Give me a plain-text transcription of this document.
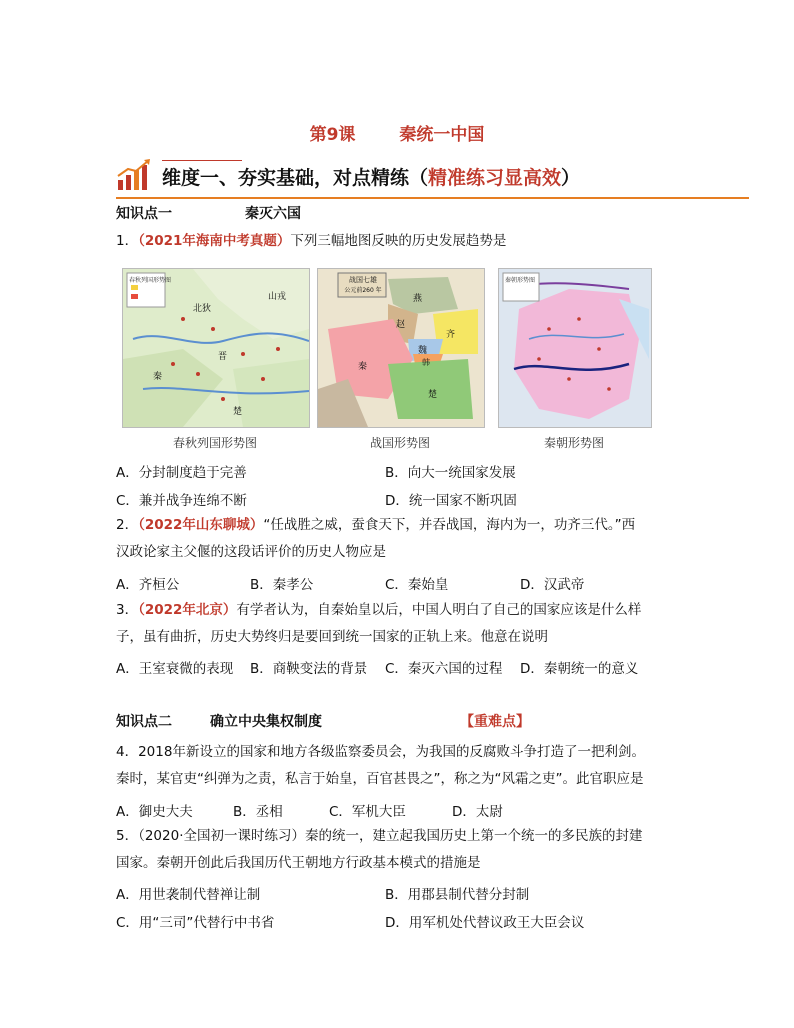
第9课	秦统一中国
维度一、夯实基础，对点精练（精准练习显高效）
知识点一	秦灭六国
1．（2021年海南中考真题）下列三幅地图反映的历史发展趋势是
春秋列国形势图
北狄
山戎
晋
秦
楚
春秋列国形势图
战国七雄
公元前260 年
燕
赵
齐
魏
韩
秦
楚
战国形势图
秦朝形势图
秦朝形势图
A．分封制度趋于完善	B．向大一统国家发展
C．兼并战争连绵不断	D．统一国家不断巩固
2．（2022年山东聊城）“任战胜之威，蚕食天下，并吞战国，海内为一，功齐三代。”西
汉政论家主父偃的这段话评价的历史人物应是
A．齐桓公	B．秦孝公	C．秦始皇	D．汉武帝
3．（2022年北京）有学者认为，自秦始皇以后，中国人明白了自己的国家应该是什么样
子，虽有曲折，历史大势终归是要回到统一国家的正轨上来。他意在说明
A．王室衰微的表现 B．商鞅变法的背景 C．秦灭六国的过程 D．秦朝统一的意义
知识点二	确立中央集权制度	【重难点】
4．2018年新设立的国家和地方各级监察委员会，为我国的反腐败斗争打造了一把利剑。
秦时，某官吏“纠弹为之责，私言于始皇，百官甚畏之”，称之为“风霜之吏”。此官职应是
A．御史大夫	B．丞相	C．军机大臣	D．太尉
5．（2020·全国初一课时练习）秦的统一，建立起我国历史上第一个统一的多民族的封建
国家。秦朝开创此后我国历代王朝地方行政基本模式的措施是
A．用世袭制代替禅让制	B．用郡县制代替分封制
C．用“三司”代替行中书省	D．用军机处代替议政王大臣会议
